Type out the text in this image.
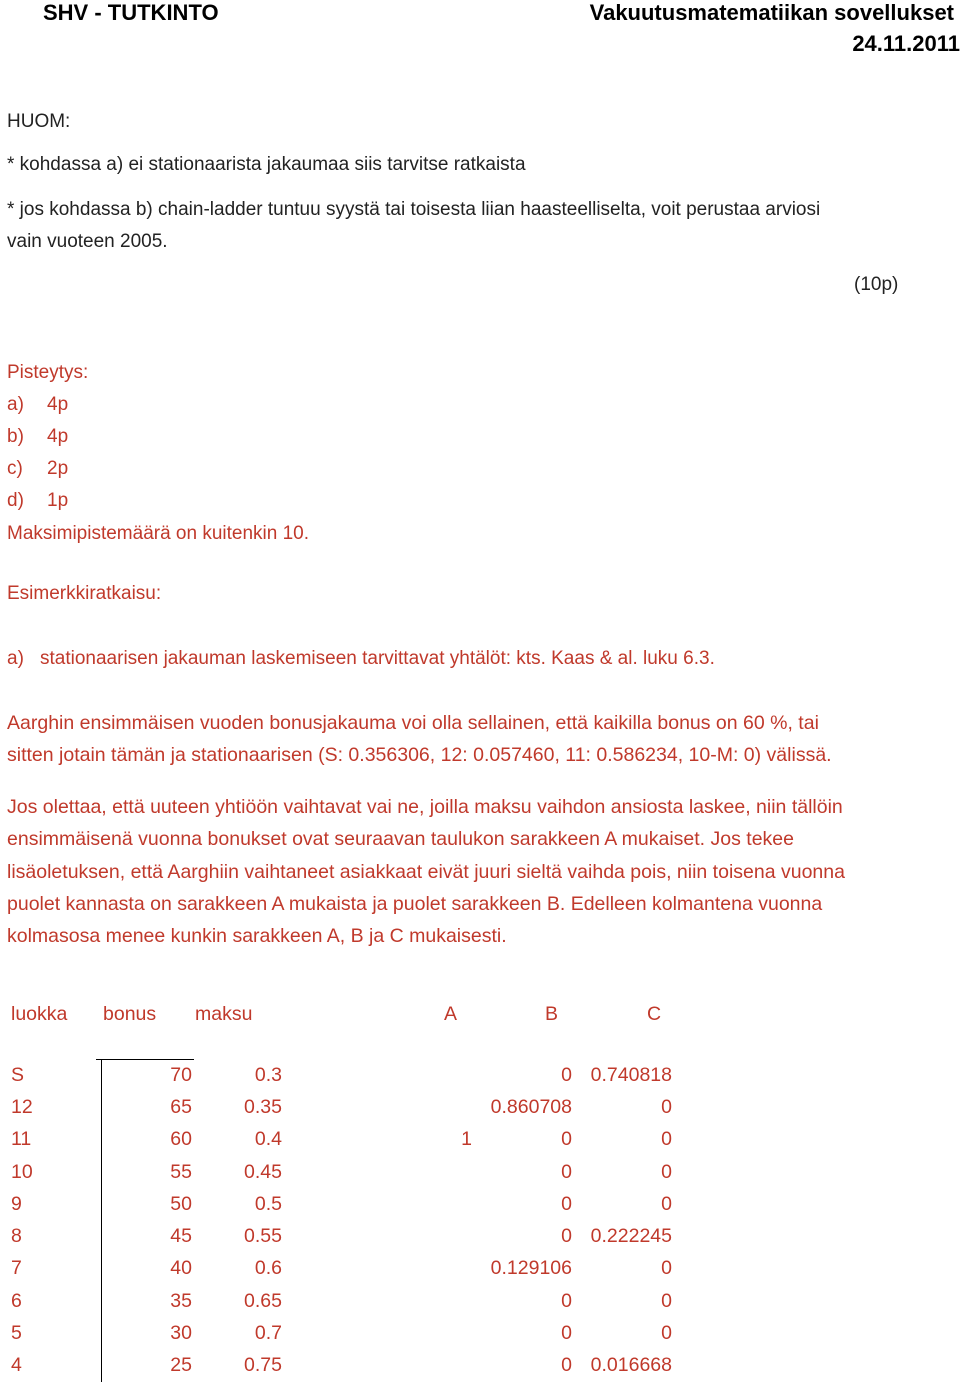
SHV - TUTKINTO	Vakuutusmatematiikan sovellukset
24.11.2011
HUOM:
* kohdassa a) ei stationaarista jakaumaa siis tarvitse ratkaista
* jos kohdassa b) chain-ladder tuntuu syystä tai toisesta liian haasteelliselta, voit perustaa arviosi
vain vuoteen 2005.
(10p)
Pisteytys:
a) 4p
b) 4p
c) 2p
d) 1p
Maksimipistemäärä on kuitenkin 10.
Esimerkkiratkaisu:
a) stationaarisen jakauman laskemiseen tarvittavat yhtälöt: kts. Kaas & al. luku 6.3.
Aarghin ensimmäisen vuoden bonusjakauma voi olla sellainen, että kaikilla bonus on 60 %, tai
sitten jotain tämän ja stationaarisen (S: 0.356306, 12: 0.057460, 11: 0.586234, 10-M: 0) välissä.
Jos olettaa, että uuteen yhtiöön vaihtavat vai ne, joilla maksu vaihdon ansiosta laskee, niin tällöin
ensimmäisenä vuonna bonukset ovat seuraavan taulukon sarakkeen A mukaiset. Jos tekee
lisäoletuksen, että Aarghiin vaihtaneet asiakkaat eivät juuri sieltä vaihda pois, niin toisena vuonna
puolet kannasta on sarakkeen A mukaista ja puolet sarakkeen B. Edelleen kolmantena vuonna
kolmasosa menee kunkin sarakkeen A, B ja C mukaisesti.
luokka bonus maksu	A	B	C
S	70	0.3		0	0.740818
12	65	0.35		0.860708	0
11	60	0.4	1	0	0
10	55	0.45		0	0
9	50	0.5		0	0
8	45	0.55		0	0.222245
7	40	0.6		0.129106	0
6	35	0.65		0	0
5	30	0.7		0	0
4	25	0.75		0	0.016668
